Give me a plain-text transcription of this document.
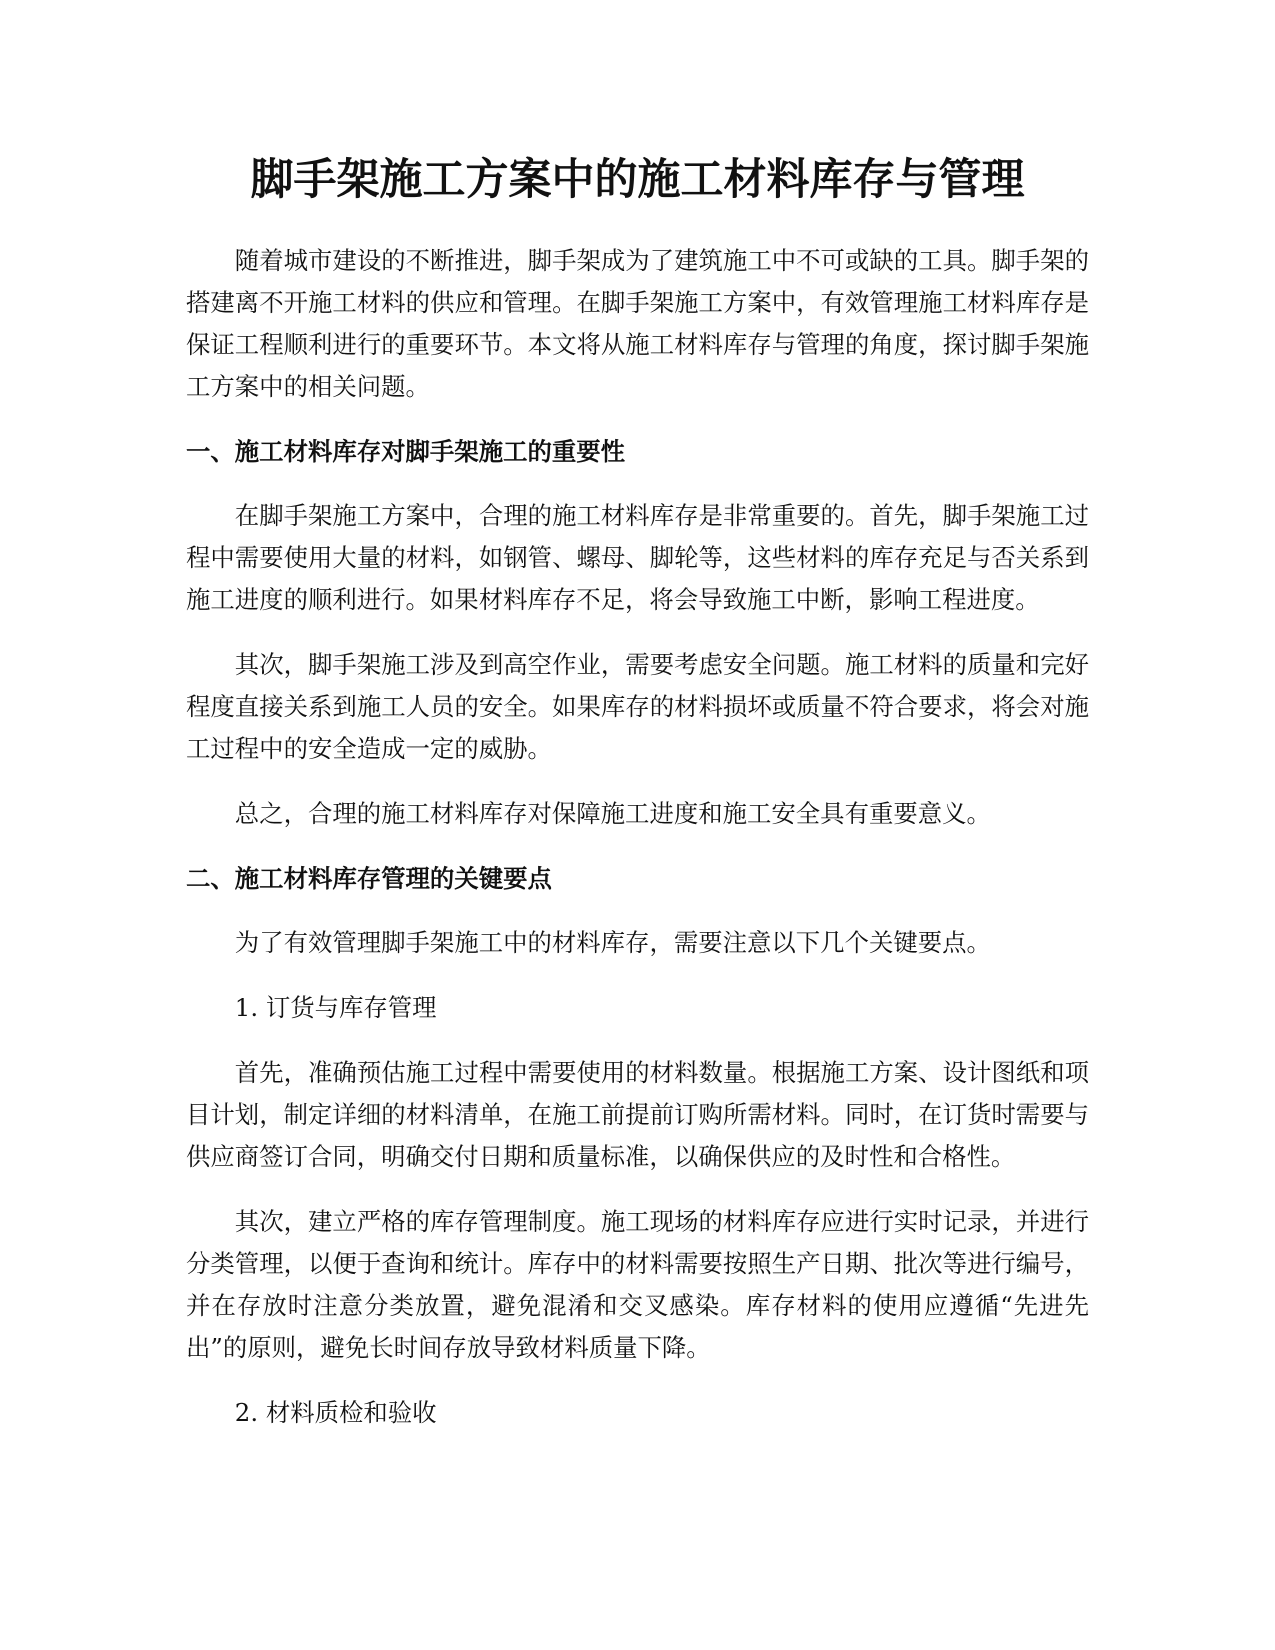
脚手架施工方案中的施工材料库存与管理

随着城市建设的不断推进，脚手架成为了建筑施工中不可或缺的工具。脚手架的搭建离不开施工材料的供应和管理。在脚手架施工方案中，有效管理施工材料库存是保证工程顺利进行的重要环节。本文将从施工材料库存与管理的角度，探讨脚手架施工方案中的相关问题。

一、施工材料库存对脚手架施工的重要性

在脚手架施工方案中，合理的施工材料库存是非常重要的。首先，脚手架施工过程中需要使用大量的材料，如钢管、螺母、脚轮等，这些材料的库存充足与否关系到施工进度的顺利进行。如果材料库存不足，将会导致施工中断，影响工程进度。

其次，脚手架施工涉及到高空作业，需要考虑安全问题。施工材料的质量和完好程度直接关系到施工人员的安全。如果库存的材料损坏或质量不符合要求，将会对施工过程中的安全造成一定的威胁。

总之，合理的施工材料库存对保障施工进度和施工安全具有重要意义。

二、施工材料库存管理的关键要点

为了有效管理脚手架施工中的材料库存，需要注意以下几个关键要点。

1. 订货与库存管理

首先，准确预估施工过程中需要使用的材料数量。根据施工方案、设计图纸和项目计划，制定详细的材料清单，在施工前提前订购所需材料。同时，在订货时需要与供应商签订合同，明确交付日期和质量标准，以确保供应的及时性和合格性。

其次，建立严格的库存管理制度。施工现场的材料库存应进行实时记录，并进行分类管理，以便于查询和统计。库存中的材料需要按照生产日期、批次等进行编号，并在存放时注意分类放置，避免混淆和交叉感染。库存材料的使用应遵循“先进先出”的原则，避免长时间存放导致材料质量下降。

2. 材料质检和验收
